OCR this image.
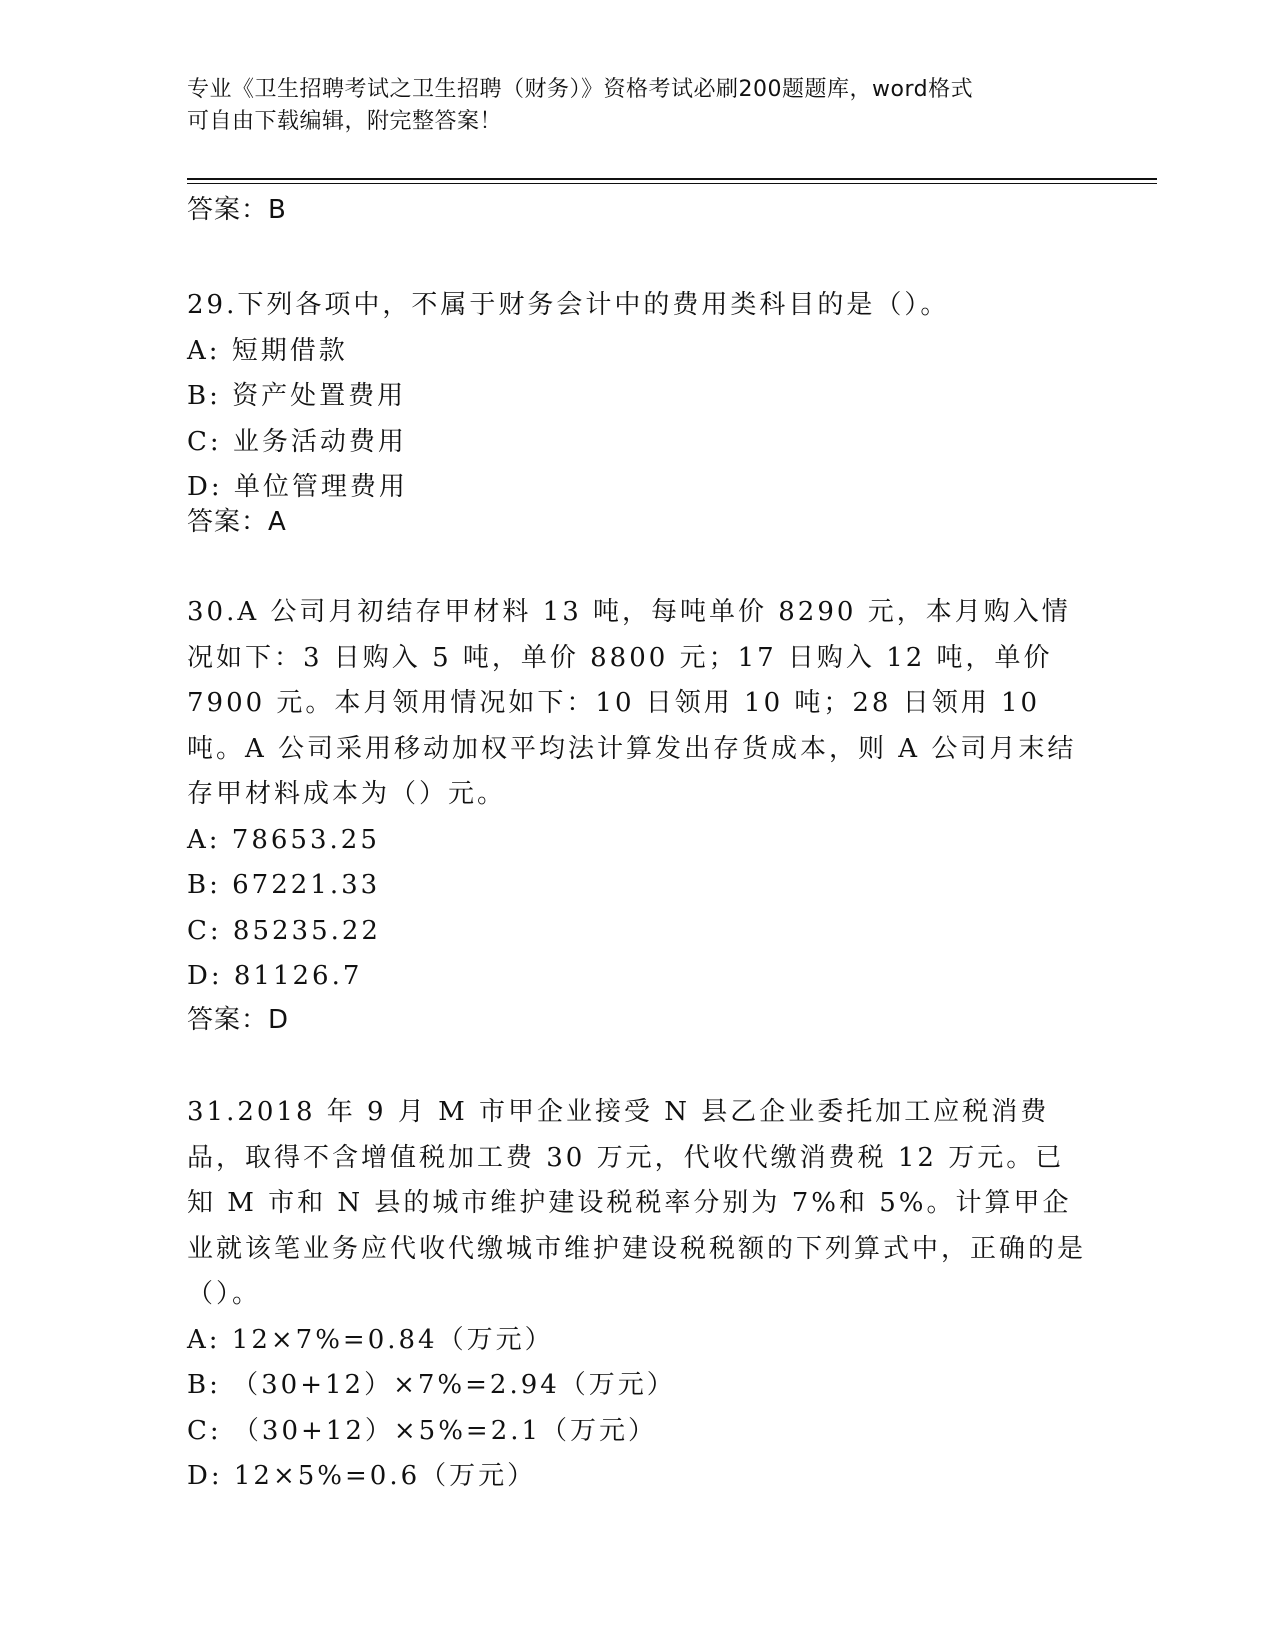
专业《卫生招聘考试之卫生招聘（财务）》资格考试必刷200题题库，word格式
可自由下载编辑，附完整答案！
答案：B

29.下列各项中，不属于财务会计中的费用类科目的是（）。

A: 短期借款
B: 资产处置费用
C: 业务活动费用
D: 单位管理费用
答案：A

30.A 公司月初结存甲材料 13 吨，每吨单价 8290 元，本月购入情况如下：3 日购入 5 吨，单价 8800 元；17 日购入 12 吨，单价 7900 元。本月领用情况如下：10 日领用 10 吨；28 日领用 10 吨。A 公司采用移动加权平均法计算发出存货成本，则 A 公司月末结存甲材料成本为（）元。

A: 78653.25
B: 67221.33
C: 85235.22
D: 81126.7
答案：D

31.2018 年 9 月 M 市甲企业接受 N 县乙企业委托加工应税消费品，取得不含增值税加工费 30 万元，代收代缴消费税 12 万元。已知 M 市和 N 县的城市维护建设税税率分别为 7%和 5%。计算甲企业就该笔业务应代收代缴城市维护建设税税额的下列算式中，正确的是（）。

A: 12×7%=0.84（万元）
B: （30+12）×7%=2.94（万元）
C: （30+12）×5%=2.1（万元）
D: 12×5%=0.6（万元）
